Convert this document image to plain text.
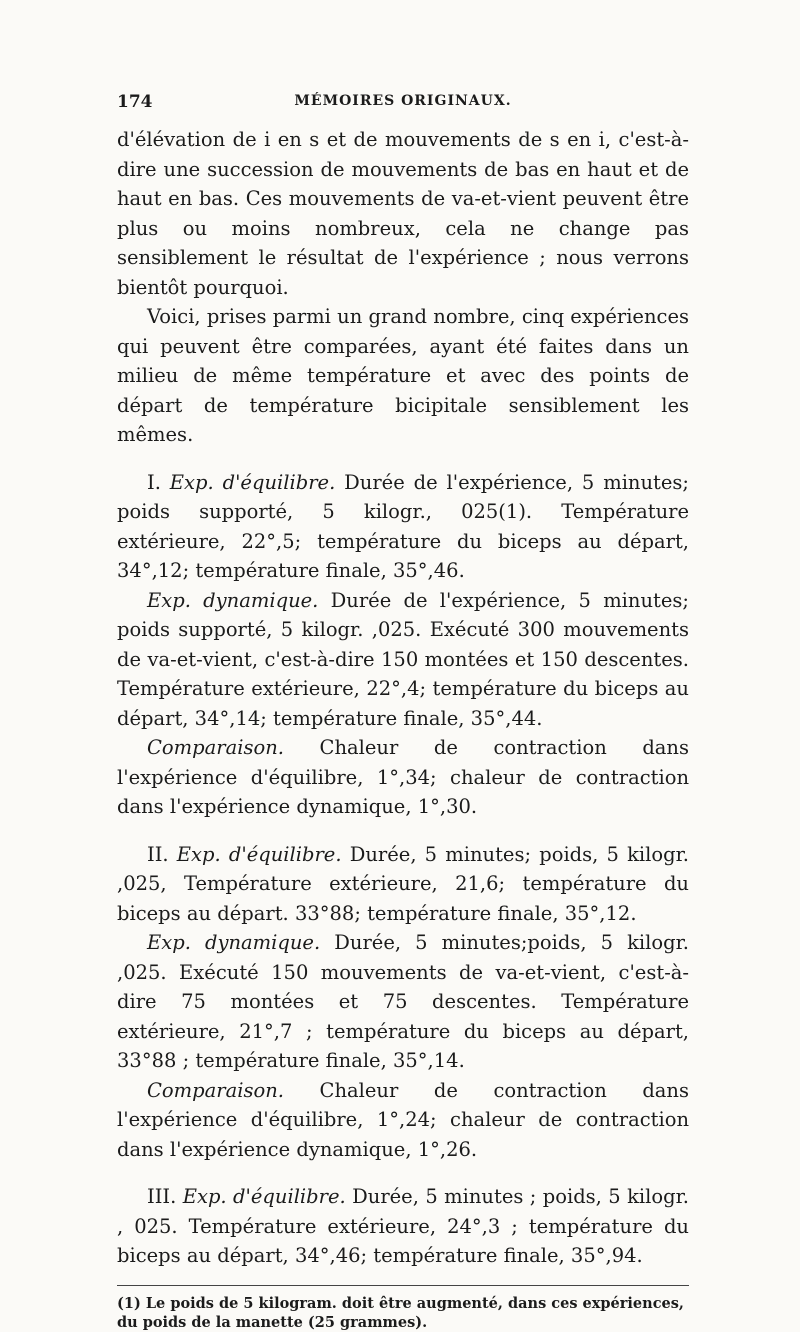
174	MÉMOIRES ORIGINAUX.

d'élévation de i en s et de mouvements de s en i, c'est-à-dire une succession de mouvements de bas en haut et de haut en bas. Ces mouvements de va-et-vient peuvent être plus ou moins nombreux, cela ne change pas sensiblement le résultat de l'expérience ; nous verrons bientôt pourquoi.

Voici, prises parmi un grand nombre, cinq expériences qui peuvent être comparées, ayant été faites dans un milieu de même température et avec des points de départ de température bicipitale sensiblement les mêmes.

I. Exp. d'équilibre. Durée de l'expérience, 5 minutes; poids supporté, 5 kilogr., 025(1). Température extérieure, 22°,5; température du biceps au départ, 34°,12; température finale, 35°,46.

Exp. dynamique. Durée de l'expérience, 5 minutes; poids supporté, 5 kilogr. ,025. Exécuté 300 mouvements de va-et-vient, c'est-à-dire 150 montées et 150 descentes. Température extérieure, 22°,4; température du biceps au départ, 34°,14; température finale, 35°,44.

Comparaison. Chaleur de contraction dans l'expérience d'équilibre, 1°,34; chaleur de contraction dans l'expérience dynamique, 1°,30.

II. Exp. d'équilibre. Durée, 5 minutes; poids, 5 kilogr. ,025, Température extérieure, 21,6; température du biceps au départ. 33°88; température finale, 35°,12.

Exp. dynamique. Durée, 5 minutes;poids, 5 kilogr. ,025. Exécuté 150 mouvements de va-et-vient, c'est-à-dire 75 montées et 75 descentes. Température extérieure, 21°,7 ; température du biceps au départ, 33°88 ; température finale, 35°,14.

Comparaison. Chaleur de contraction dans l'expérience d'équilibre, 1°,24; chaleur de contraction dans l'expérience dynamique, 1°,26.

III. Exp. d'équilibre. Durée, 5 minutes ; poids, 5 kilogr. , 025. Température extérieure, 24°,3 ; température du biceps au départ, 34°,46; température finale, 35°,94.

(1) Le poids de 5 kilogram. doit être augmenté, dans ces expériences, du poids de la manette (25 grammes).
